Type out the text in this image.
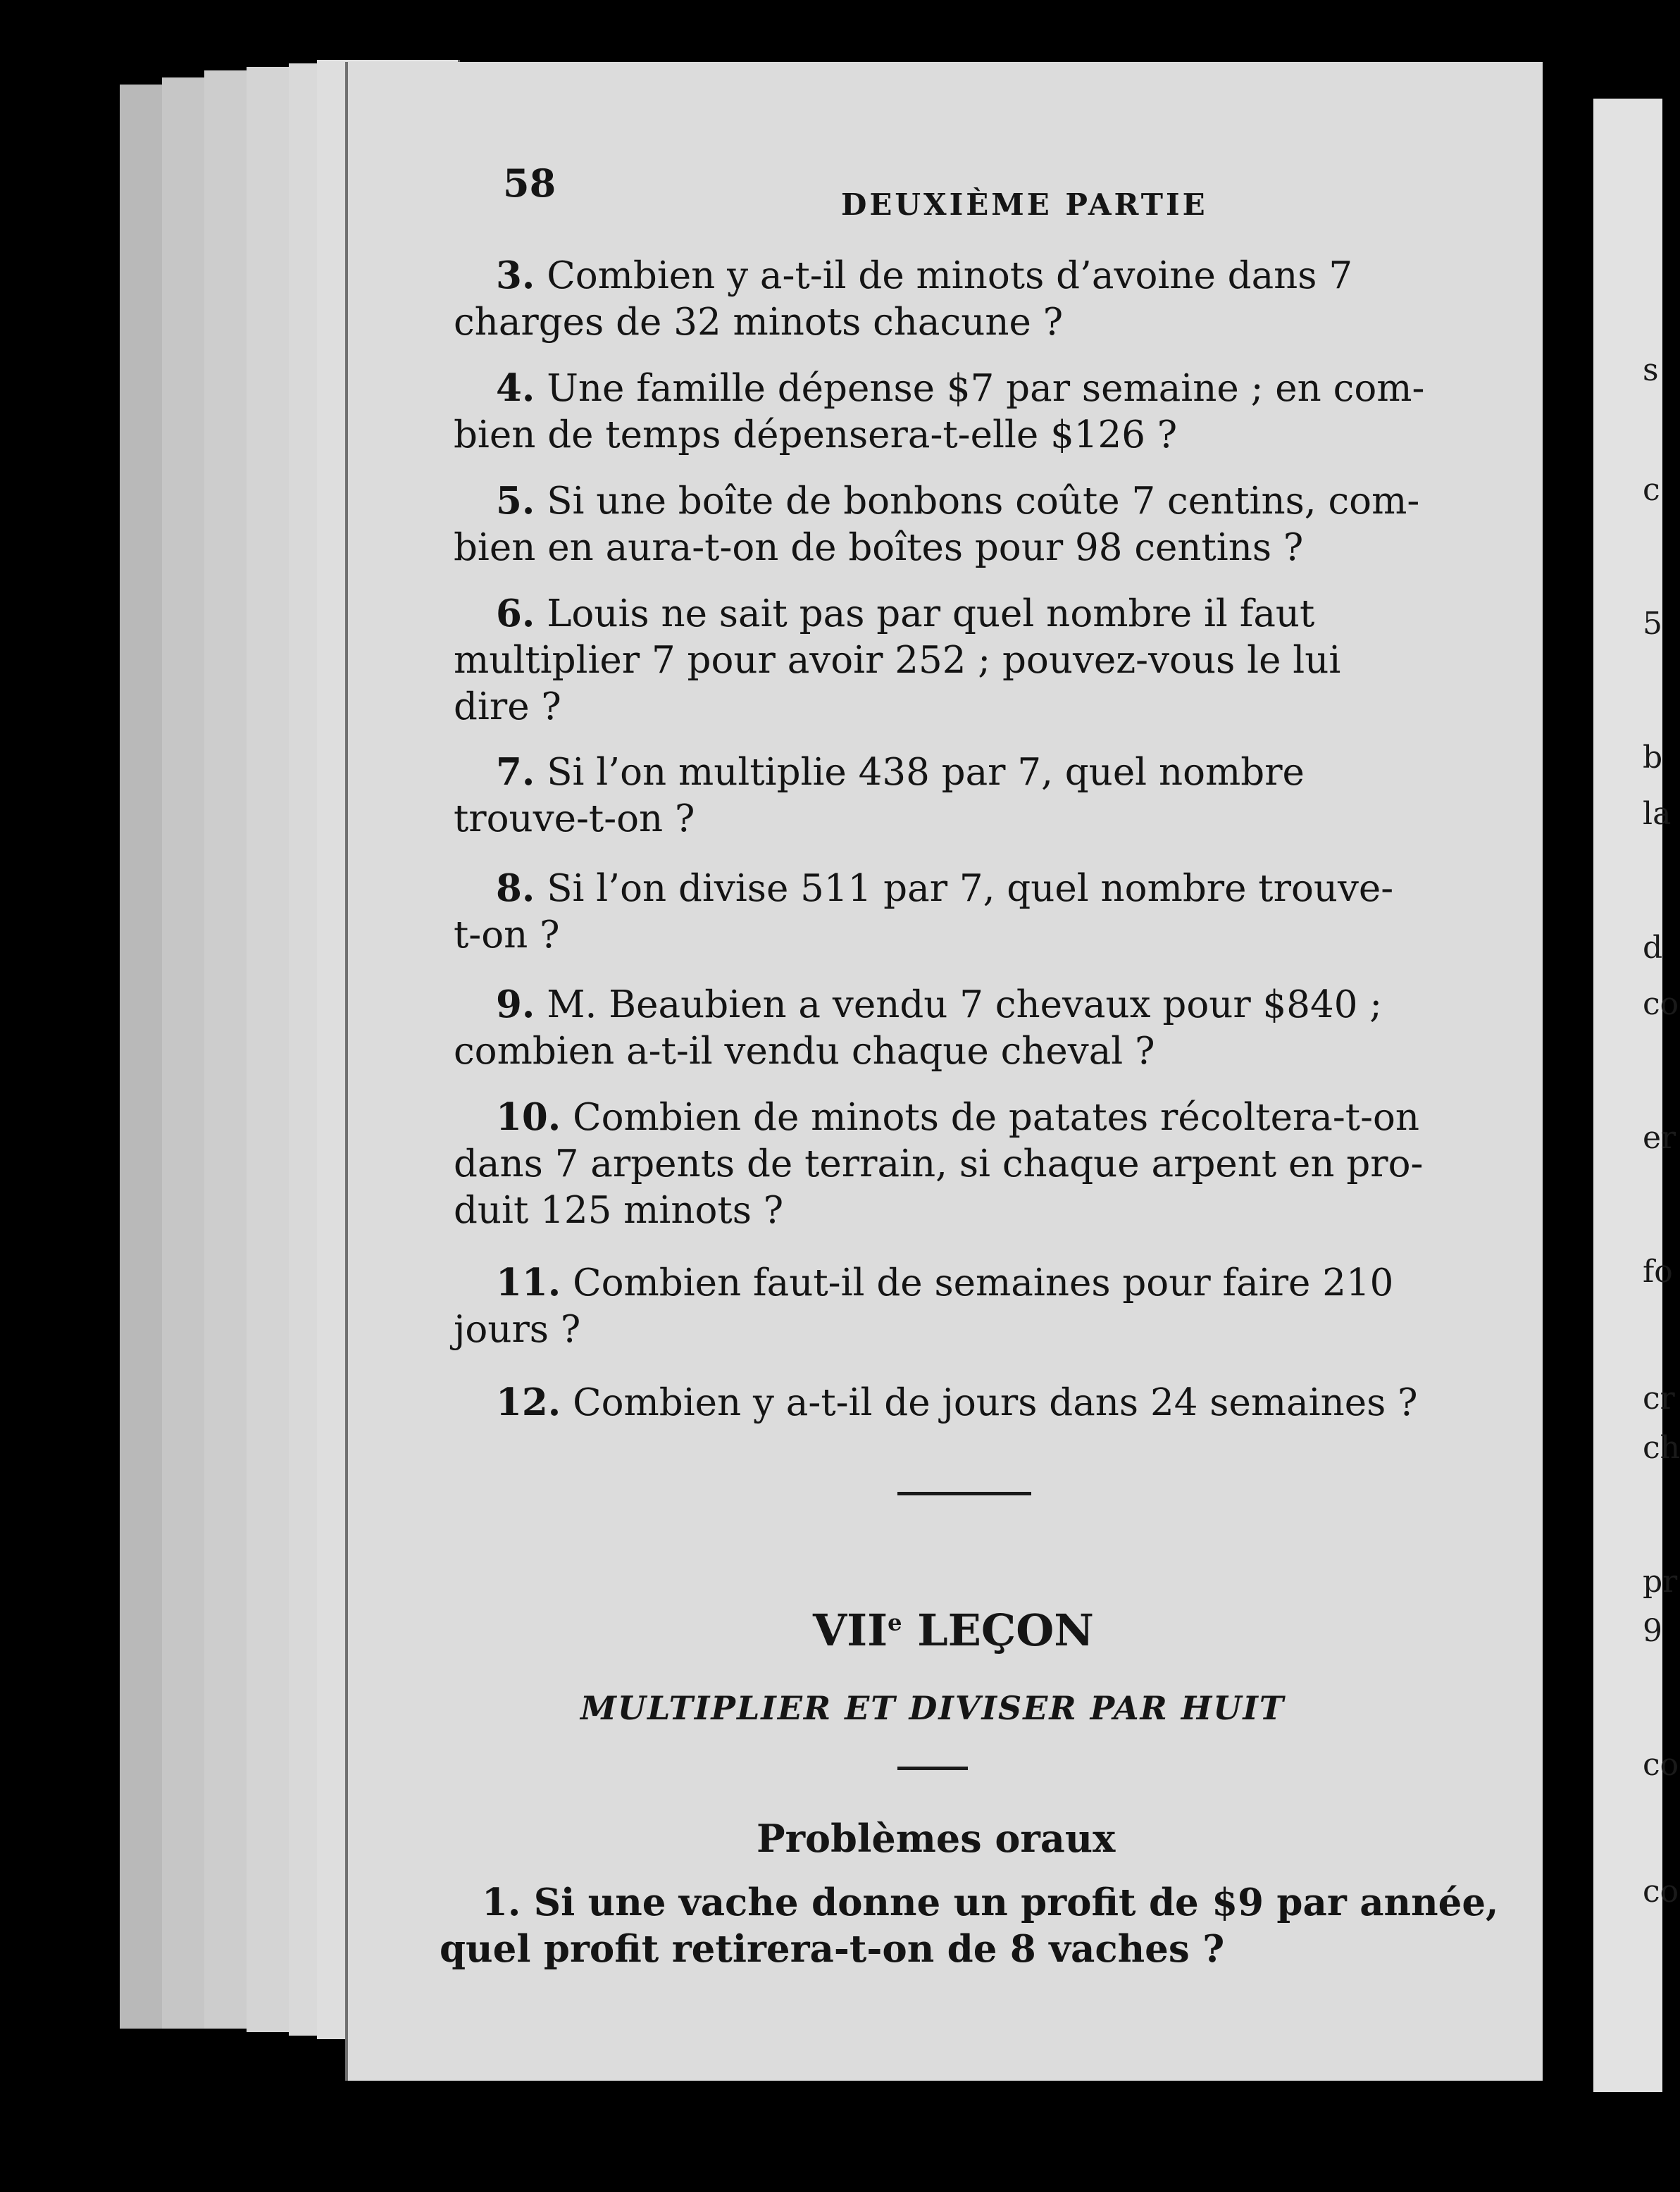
s
c
5
b
la
d
co
er
fo
cr
ch
pr
9
co
co
58	DEUXIÈME PARTIE
3. Combien y a-t-il de minots d’avoine dans 7
charges de 32 minots chacune ?
4. Une famille dépense $7 par semaine ; en com-
bien de temps dépensera-t-elle $126 ?
5. Si une boîte de bonbons coûte 7 centins, com-
bien en aura-t-on de boîtes pour 98 centins ?
6. Louis ne sait pas par quel nombre il faut
multiplier 7 pour avoir 252 ; pouvez-vous le lui
dire ?
7. Si l’on multiplie 438 par 7, quel nombre
trouve-t-on ?
8. Si l’on divise 511 par 7, quel nombre trouve-
t-on ?
9. M. Beaubien a vendu 7 chevaux pour $840 ;
combien a-t-il vendu chaque cheval ?
10. Combien de minots de patates récoltera-t-on
dans 7 arpents de terrain, si chaque arpent en pro-
duit 125 minots ?
11. Combien faut-il de semaines pour faire 210
jours ?
12. Combien y a-t-il de jours dans 24 semaines ?
VIIe LEÇON
MULTIPLIER ET DIVISER PAR HUIT
Problèmes oraux
1. Si une vache donne un profit de $9 par année,
quel profit retirera-t-on de 8 vaches ?
